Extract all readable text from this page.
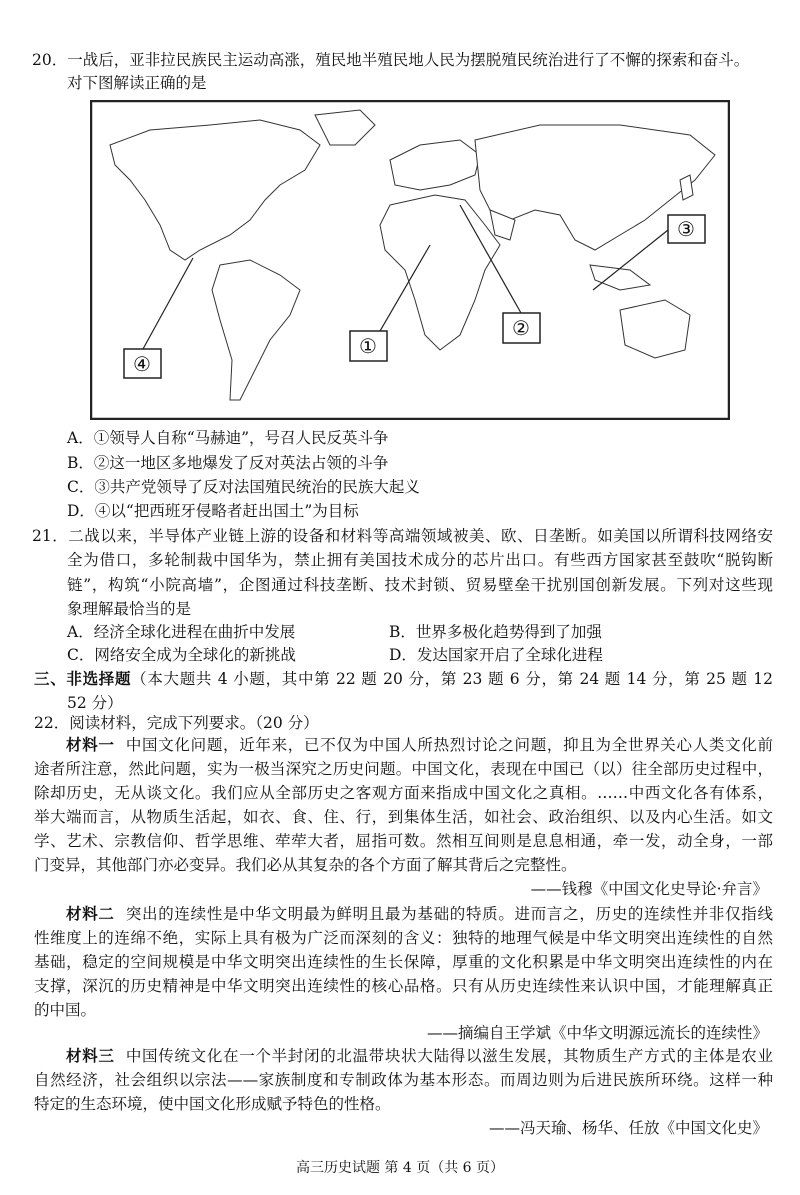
20．一战后，亚非拉民族民主运动高涨，殖民地半殖民地人民为摆脱殖民统治进行了不懈的探索和奋斗。
对下图解读正确的是
①
②
③
④
A．①领导人自称“马赫迪”，号召人民反英斗争
B．②这一地区多地爆发了反对英法占领的斗争
C．③共产党领导了反对法国殖民统治的民族大起义
D．④以“把西班牙侵略者赶出国土”为目标
21．二战以来，半导体产业链上游的设备和材料等高端领域被美、欧、日垄断。如美国以所谓科技网络安
全为借口，多轮制裁中国华为，禁止拥有美国技术成分的芯片出口。有些西方国家甚至鼓吹“脱钩断
链”，构筑“小院高墙”，企图通过科技垄断、技术封锁、贸易壁垒干扰别国创新发展。下列对这些现
象理解最恰当的是
A．经济全球化进程在曲折中发展	B．世界多极化趋势得到了加强
C．网络安全成为全球化的新挑战	D．发达国家开启了全球化进程
三、非选择题（本大题共 4 小题，其中第 22 题 20 分，第 23 题 6 分，第 24 题 14 分，第 25 题 12
52 分）
22．阅读材料，完成下列要求。（20 分）
材料一 中国文化问题，近年来，已不仅为中国人所热烈讨论之问题，抑且为全世界关心人类文化前
途者所注意，然此问题，实为一极当深究之历史问题。中国文化，表现在中国已（以）往全部历史过程中，
除却历史，无从谈文化。我们应从全部历史之客观方面来指成中国文化之真相。……中西文化各有体系，
举大端而言，从物质生活起，如衣、食、住、行，到集体生活，如社会、政治组织、以及内心生活。如文
学、艺术、宗教信仰、哲学思维、荦荦大者，屈指可数。然相互间则是息息相通，牵一发，动全身，一部
门变异，其他部门亦必变异。我们必从其复杂的各个方面了解其背后之完整性。
——钱穆《中国文化史导论·弁言》
材料二 突出的连续性是中华文明最为鲜明且最为基础的特质。进而言之，历史的连续性并非仅指线
性维度上的连绵不绝，实际上具有极为广泛而深刻的含义：独特的地理气候是中华文明突出连续性的自然
基础，稳定的空间规模是中华文明突出连续性的生长保障，厚重的文化积累是中华文明突出连续性的内在
支撑，深沉的历史精神是中华文明突出连续性的核心品格。只有从历史连续性来认识中国，才能理解真正
的中国。
——摘编自王学斌《中华文明源远流长的连续性》
材料三 中国传统文化在一个半封闭的北温带块状大陆得以滋生发展，其物质生产方式的主体是农业
自然经济，社会组织以宗法——家族制度和专制政体为基本形态。而周边则为后进民族所环绕。这样一种
特定的生态环境，使中国文化形成赋予特色的性格。
——冯天瑜、杨华、任放《中国文化史》
高三历史试题 第 4 页（共 6 页）
